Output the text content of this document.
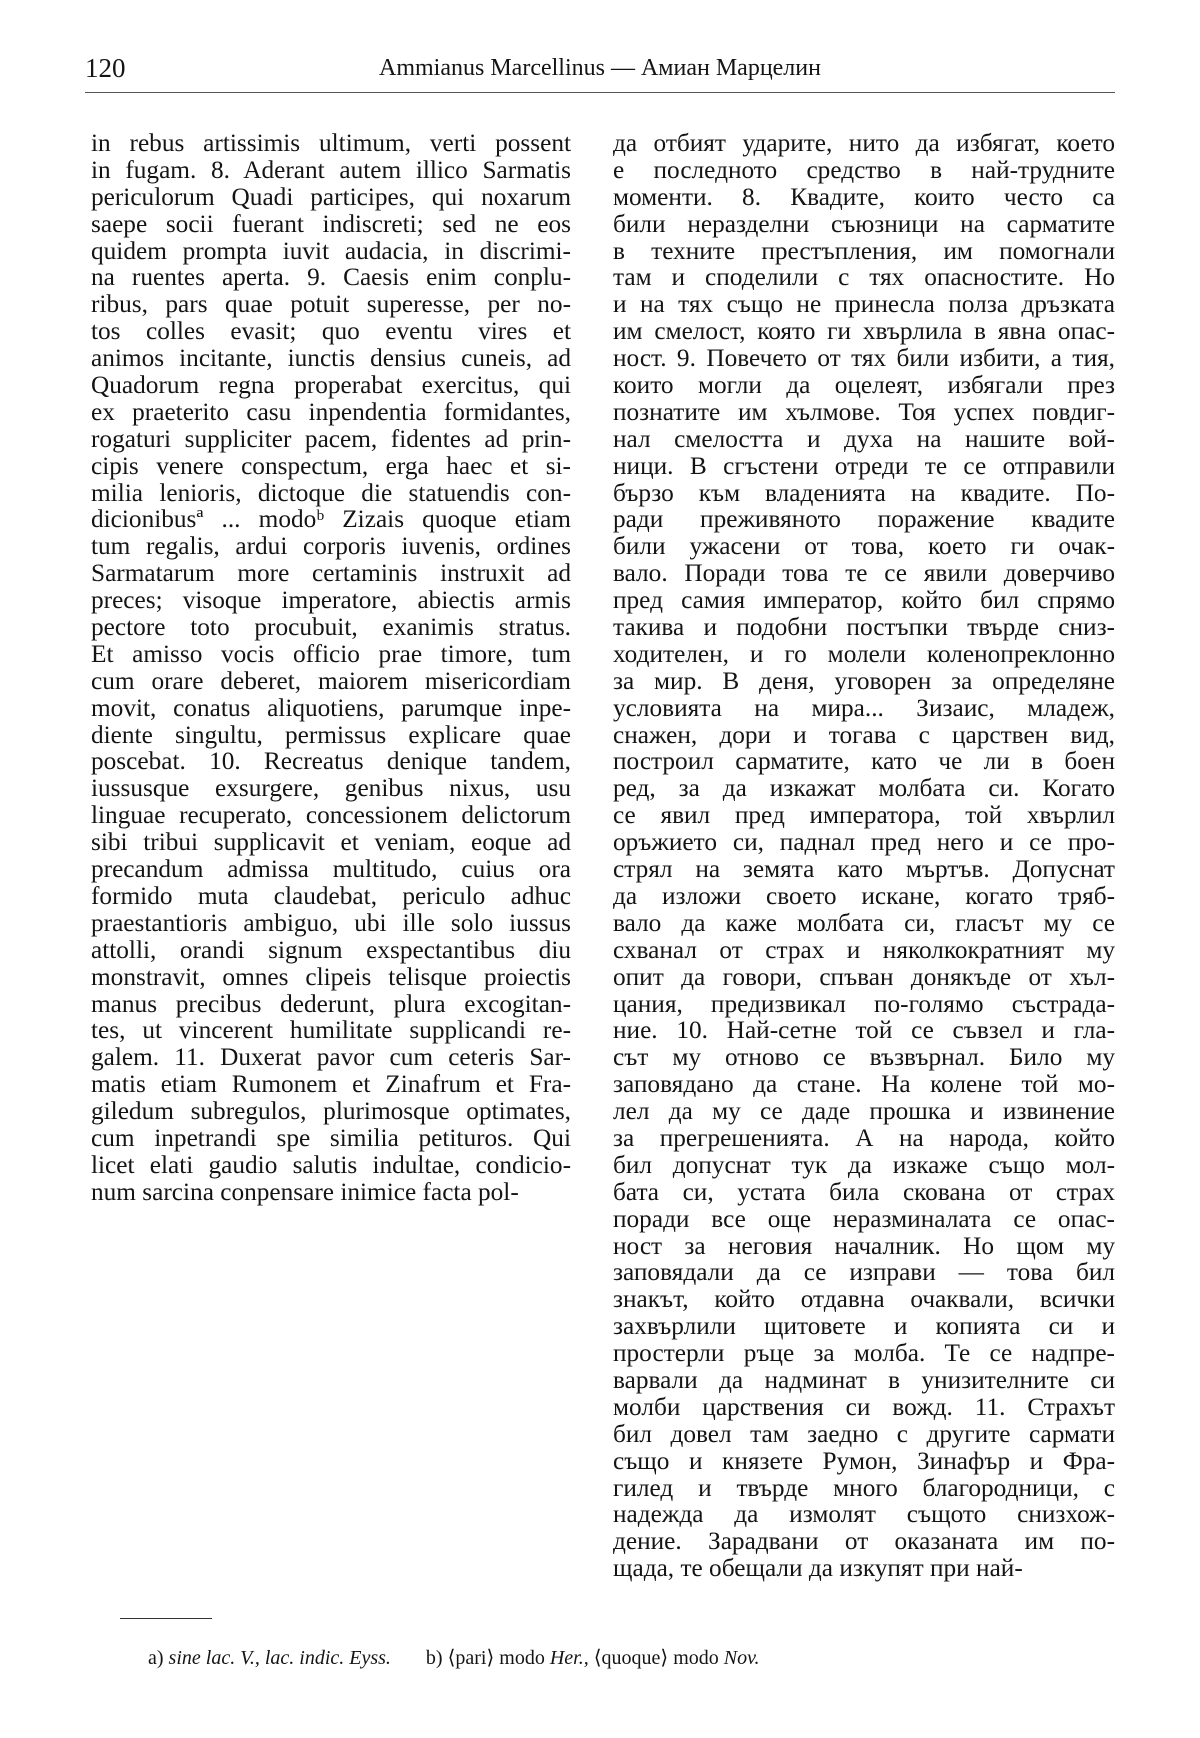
120	Ammianus Marcellinus — Амиан Марцелин
in rebus artissimis ultimum, verti possent
in fugam. 8. Aderant autem illico Sarmatis
periculorum Quadi participes, qui noxarum
saepe socii fuerant indiscreti; sed ne eos
quidem prompta iuvit audacia, in discrimi-
na ruentes aperta. 9. Caesis enim conplu-
ribus, pars quae potuit superesse, per no-
tos colles evasit; quo eventu vires et
animos incitante, iunctis densius cuneis, ad
Quadorum regna properabat exercitus, qui
ex praeterito casu inpendentia formidantes,
rogaturi suppliciter pacem, fidentes ad prin-
cipis venere conspectum, erga haec et si-
milia lenioris, dictoque die statuendis con-
dicionibusª ... modoᵇ Zizais quoque etiam
tum regalis, ardui corporis iuvenis, ordines
Sarmatarum more certaminis instruxit ad
preces; visoque imperatore, abiectis armis
pectore toto procubuit, exanimis stratus.
Et amisso vocis officio prae timore, tum
cum orare deberet, maiorem misericordiam
movit, conatus aliquotiens, parumque inpe-
diente singultu, permissus explicare quae
poscebat. 10. Recreatus denique tandem,
iussusque exsurgere, genibus nixus, usu
linguae recuperato, concessionem delictorum
sibi tribui supplicavit et veniam, eoque ad
precandum admissa multitudo, cuius ora
formido muta claudebat, periculo adhuc
praestantioris ambiguo, ubi ille solo iussus
attolli, orandi signum exspectantibus diu
monstravit, omnes clipeis telisque proiectis
manus precibus dederunt, plura excogitan-
tes, ut vincerent humilitate supplicandi re-
galem. 11. Duxerat pavor cum ceteris Sar-
matis etiam Rumonem et Zinafrum et Fra-
giledum subregulos, plurimosque optimates,
cum inpetrandi spe similia petituros. Qui
licet elati gaudio salutis indultae, condicio-
num sarcina conpensare inimice facta pol-
да отбият ударите, нито да избягат, което
е последното средство в най-трудните
моменти. 8. Квадите, които често са
били неразделни съюзници на сарматите
в техните престъпления, им помогнали
там и споделили с тях опасностите. Но
и на тях също не принесла полза дръзката
им смелост, която ги хвърлила в явна опас-
ност. 9. Повечето от тях били избити, а тия,
които могли да оцелеят, избягали през
познатите им хълмове. Тоя успех повдиг-
нал смелостта и духа на нашите вой-
ници. В сгъстени отреди те се отправили
бързо към владенията на квадите. По-
ради преживяното поражение квадите
били ужасени от това, което ги очак-
вало. Поради това те се явили доверчиво
пред самия император, който бил спрямо
такива и подобни постъпки твърде сниз-
ходителен, и го молели коленопреклонно
за мир. В деня, уговорен за определяне
условията на мира... Зизаис, младеж,
снажен, дори и тогава с царствен вид,
построил сарматите, като че ли в боен
ред, за да изкажат молбата си. Когато
се явил пред императора, той хвърлил
оръжието си, паднал пред него и се про-
стрял на земята като мъртъв. Допуснат
да изложи своето искане, когато тряб-
вало да каже молбата си, гласът му се
схванал от страх и няколкократният му
опит да говори, спъван донякъде от хъл-
цания, предизвикал по-голямо състрада-
ние. 10. Най-сетне той се съвзел и гла-
сът му отново се възвърнал. Било му
заповядано да стане. На колене той мо-
лел да му се даде прошка и извинение
за прегрешенията. А на народа, който
бил допуснат тук да изкаже също мол-
бата си, устата била скована от страх
поради все още неразминалата се опас-
ност за неговия началник. Но щом му
заповядали да се изправи — това бил
знакът, който отдавна очаквали, всички
захвърлили щитовете и копията си и
простерли ръце за молба. Те се надпре-
варвали да надминат в унизителните си
молби царствения си вожд. 11. Страхът
бил довел там заедно с другите сармати
също и князете Румон, Зинафър и Фра-
гилед и твърде много благородници, с
надежда да измолят същото снизхож-
дение. Зарадвани от оказаната им по-
щада, те обещали да изкупят при най-
a) sine lac. V., lac. indic. Eyss. b) ⟨pari⟩ modo Her., ⟨quoque⟩ modo Nov.
